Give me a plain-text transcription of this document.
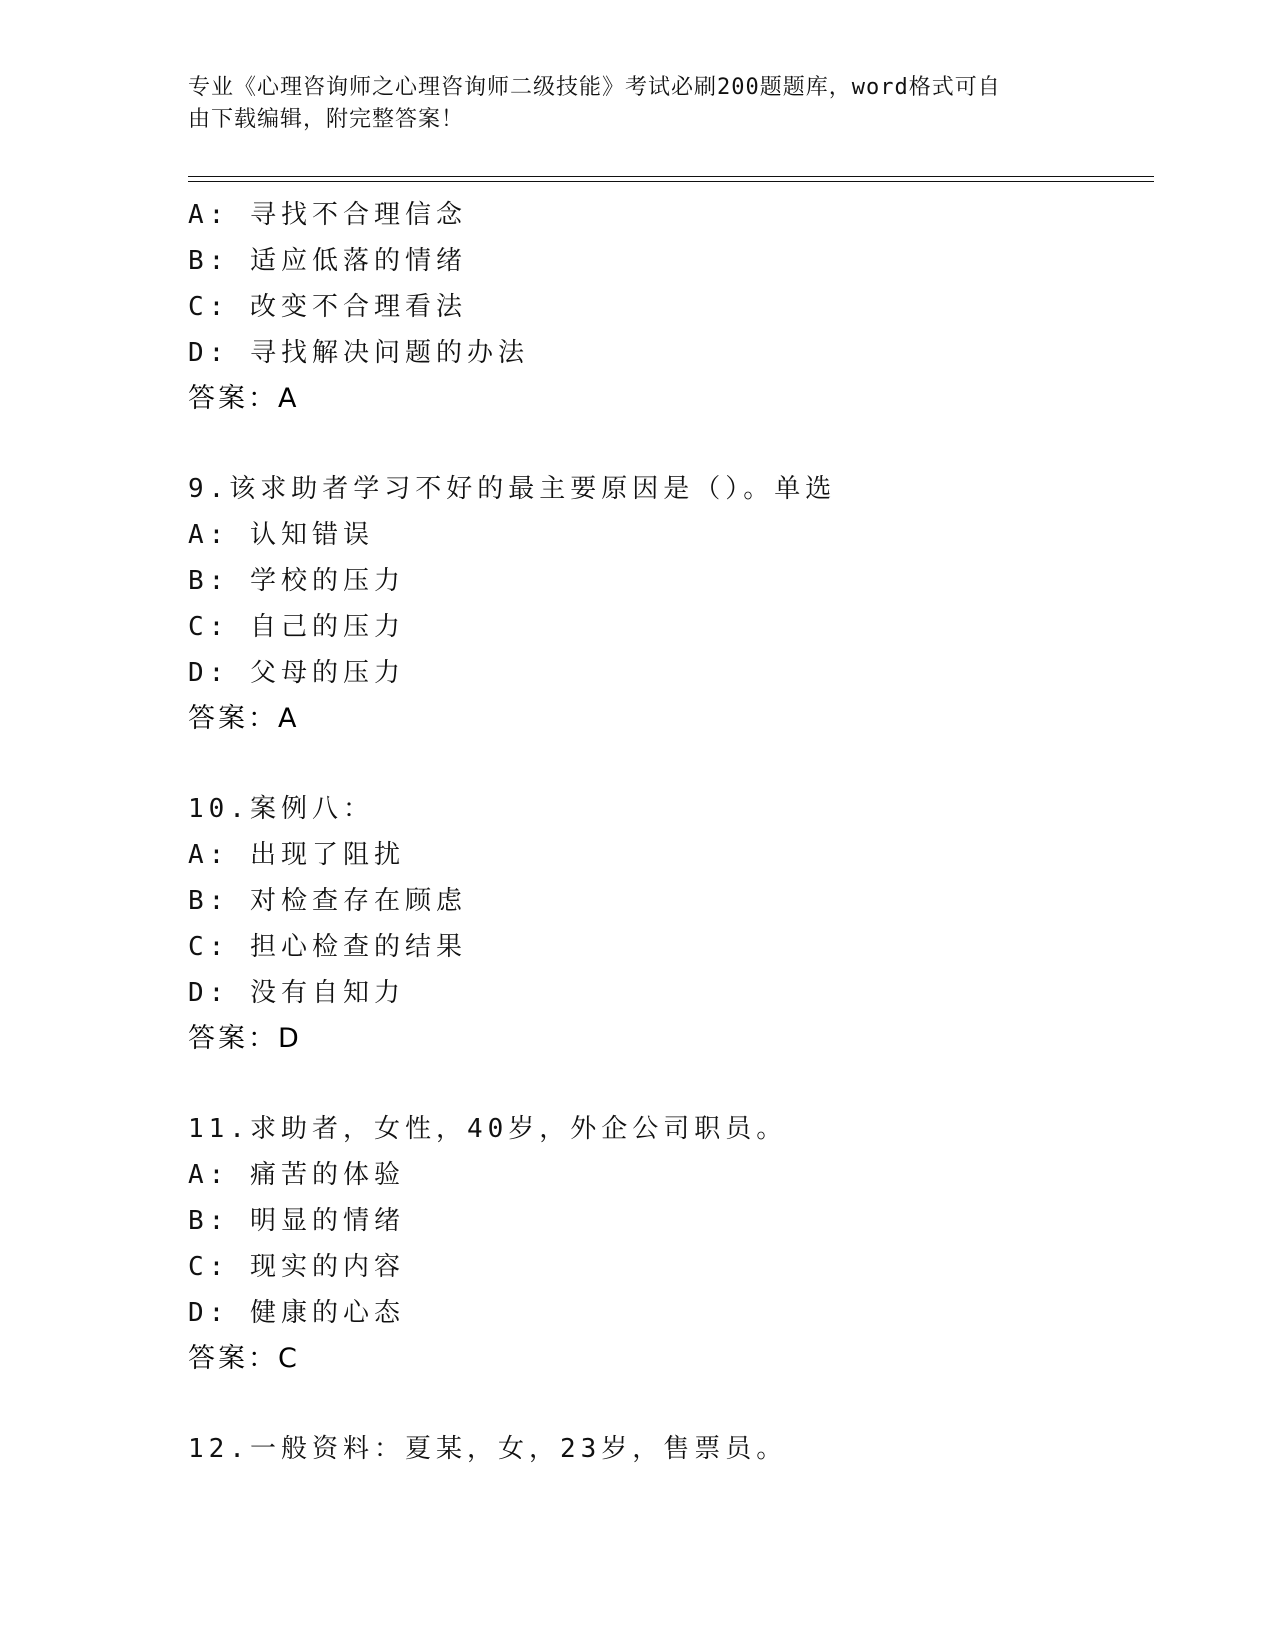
专业《心理咨询师之心理咨询师二级技能》考试必刷200题题库，word格式可自
由下载编辑，附完整答案！
A: 寻找不合理信念
B: 适应低落的情绪
C: 改变不合理看法
D: 寻找解决问题的办法
答案：A
9.该求助者学习不好的最主要原因是（）。单选
A: 认知错误
B: 学校的压力
C: 自己的压力
D: 父母的压力
答案：A
10.案例八：
A: 出现了阻扰
B: 对检查存在顾虑
C: 担心检查的结果
D: 没有自知力
答案：D
11.求助者，女性，40岁，外企公司职员。
A: 痛苦的体验
B: 明显的情绪
C: 现实的内容
D: 健康的心态
答案：C
12.一般资料：夏某，女，23岁，售票员。
